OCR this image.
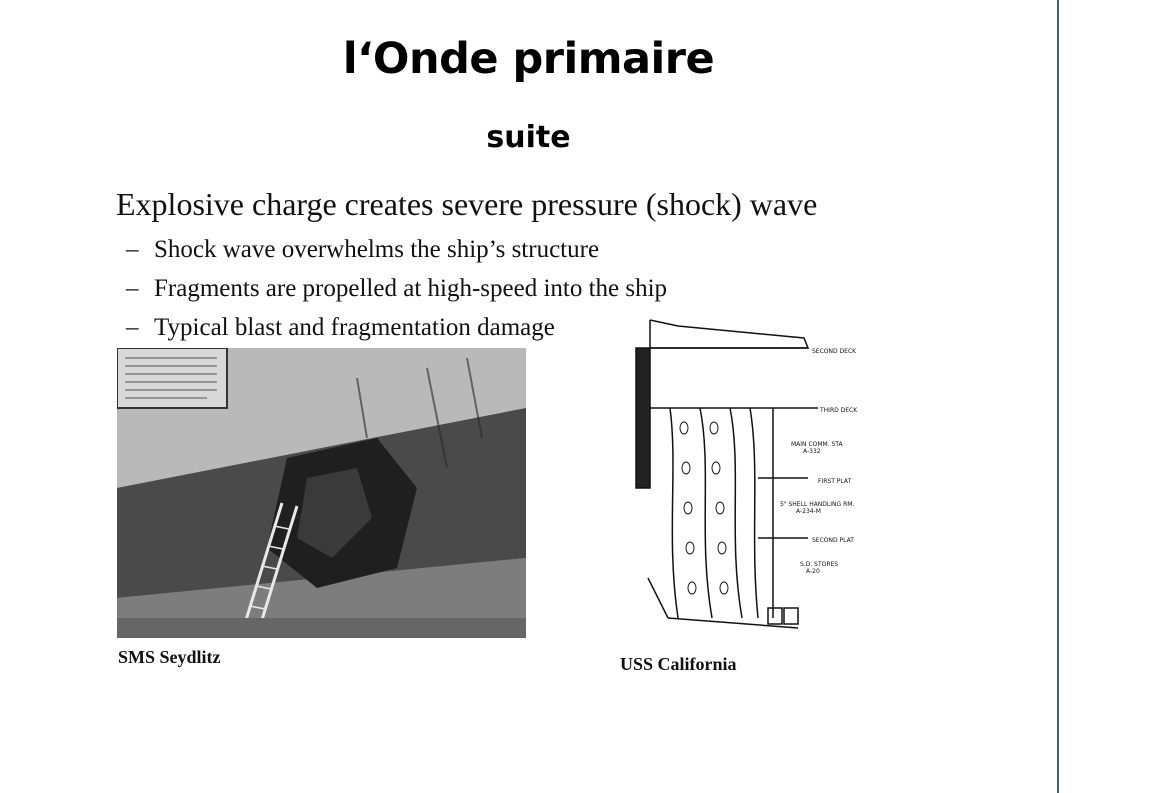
l‘Onde primaire
suite
Explosive charge creates severe pressure (shock) wave
– Shock wave overwhelms the ship’s structure
– Fragments are propelled at high-speed into the ship
– Typical blast and fragmentation damage
SMS Seydlitz
SECOND DECK
THIRD DECK
MAIN COMM. STA
A-332
FIRST PLAT
5" SHELL HANDLING RM.
A-234-M
SECOND PLAT
S.D. STORES
A-20
USS California
